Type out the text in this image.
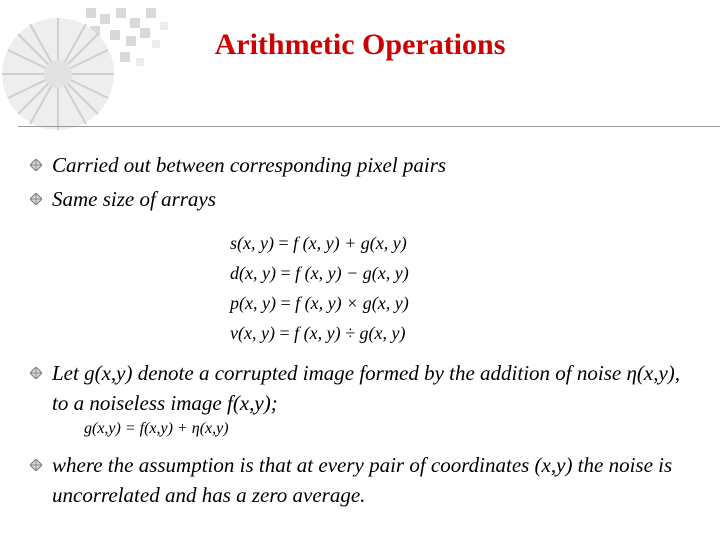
Arithmetic Operations
Carried out between corresponding pixel pairs
Same size of arrays
s(x, y) = f (x, y) + g(x, y)
d(x, y) = f (x, y) − g(x, y)
p(x, y) = f (x, y) × g(x, y)
v(x, y) = f (x, y) ÷ g(x, y)
Let g(x,y) denote a corrupted image formed by the addition of noise η(x,y), to a noiseless image f(x,y);
g(x,y) = f(x,y) + η(x,y)
where the assumption is that at every pair of coordinates (x,y) the noise is uncorrelated and has a zero average.
